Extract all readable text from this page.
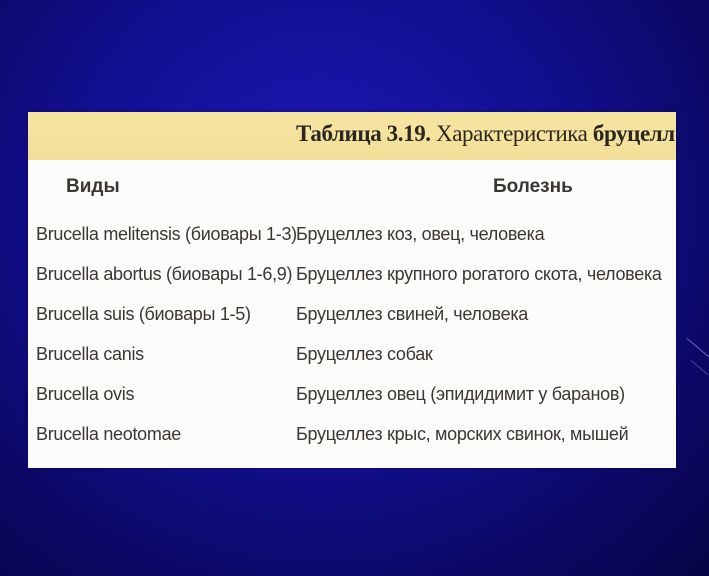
Таблица 3.19. Характеристика бруцелл
Виды	Болезнь
Brucella melitensis (биовары 1-3) Бруцеллез коз, овец, человека
Brucella abortus (биовары 1-6,9) Бруцеллез крупного рогатого скота, человека
Brucella suis (биовары 1-5)	Бруцеллез свиней, человека
Brucella canis	Бруцеллез собак
Brucella ovis	Бруцеллез овец (эпидидимит у баранов)
Brucella neotomae	Бруцеллез крыс, морских свинок, мышей
